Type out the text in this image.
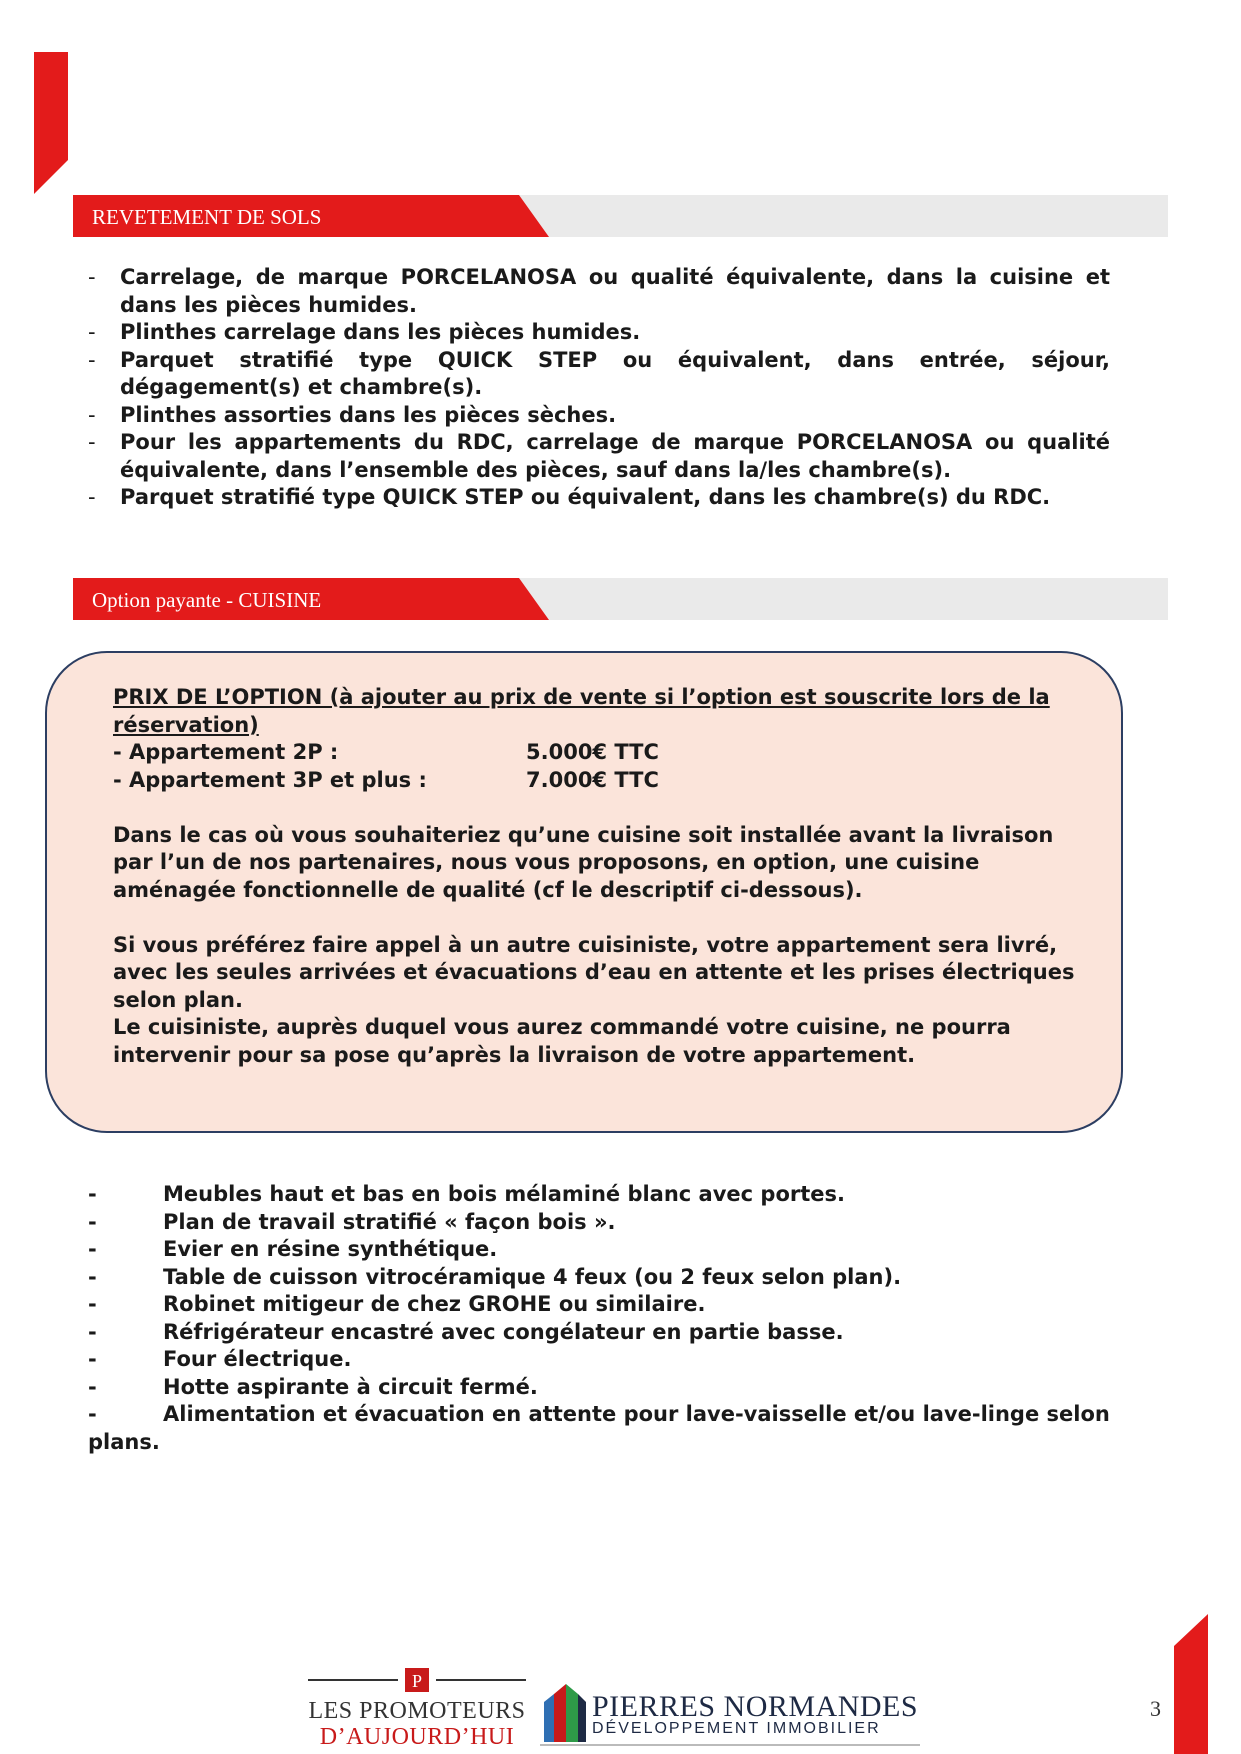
REVETEMENT DE SOLS
- Carrelage, de marque PORCELANOSA ou qualité équivalente, dans la cuisine et dans les pièces humides.
- Plinthes carrelage dans les pièces humides.
- Parquet stratifié type QUICK STEP ou équivalent, dans entrée, séjour, dégagement(s) et chambre(s).
- Plinthes assorties dans les pièces sèches.
- Pour les appartements du RDC, carrelage de marque PORCELANOSA ou qualité équivalente, dans l’ensemble des pièces, sauf dans la/les chambre(s).
- Parquet stratifié type QUICK STEP ou équivalent, dans les chambre(s) du RDC.
Option payante - CUISINE

PRIX DE L’OPTION (à ajouter au prix de vente si l’option est souscrite lors de la réservation)

- Appartement 2P :	5.000€ TTC
- Appartement 3P et plus :	7.000€ TTC

Dans le cas où vous souhaiteriez qu’une cuisine soit installée avant la livraison par l’un de nos partenaires, nous vous proposons, en option, une cuisine aménagée fonctionnelle de qualité (cf le descriptif ci-dessous).

Si vous préférez faire appel à un autre cuisiniste, votre appartement sera livré, avec les seules arrivées et évacuations d’eau en attente et les prises électriques selon plan.

Le cuisiniste, auprès duquel vous aurez commandé votre cuisine, ne pourra intervenir pour sa pose qu’après la livraison de votre appartement.

-	Meubles haut et bas en bois mélaminé blanc avec portes.
-	Plan de travail stratifié « façon bois ».
-	Evier en résine synthétique.
-	Table de cuisson vitrocéramique 4 feux (ou 2 feux selon plan).
-	Robinet mitigeur de chez GROHE ou similaire.
-	Réfrigérateur encastré avec congélateur en partie basse.
-	Four électrique.
-	Hotte aspirante à circuit fermé.
-	Alimentation et évacuation en attente pour lave-vaisselle et/ou lave-linge selon plans.
P
LES PROMOTEURS
D’AUJOURD’HUI
PIERRES NORMANDES
DÉVELOPPEMENT IMMOBILIER
3
